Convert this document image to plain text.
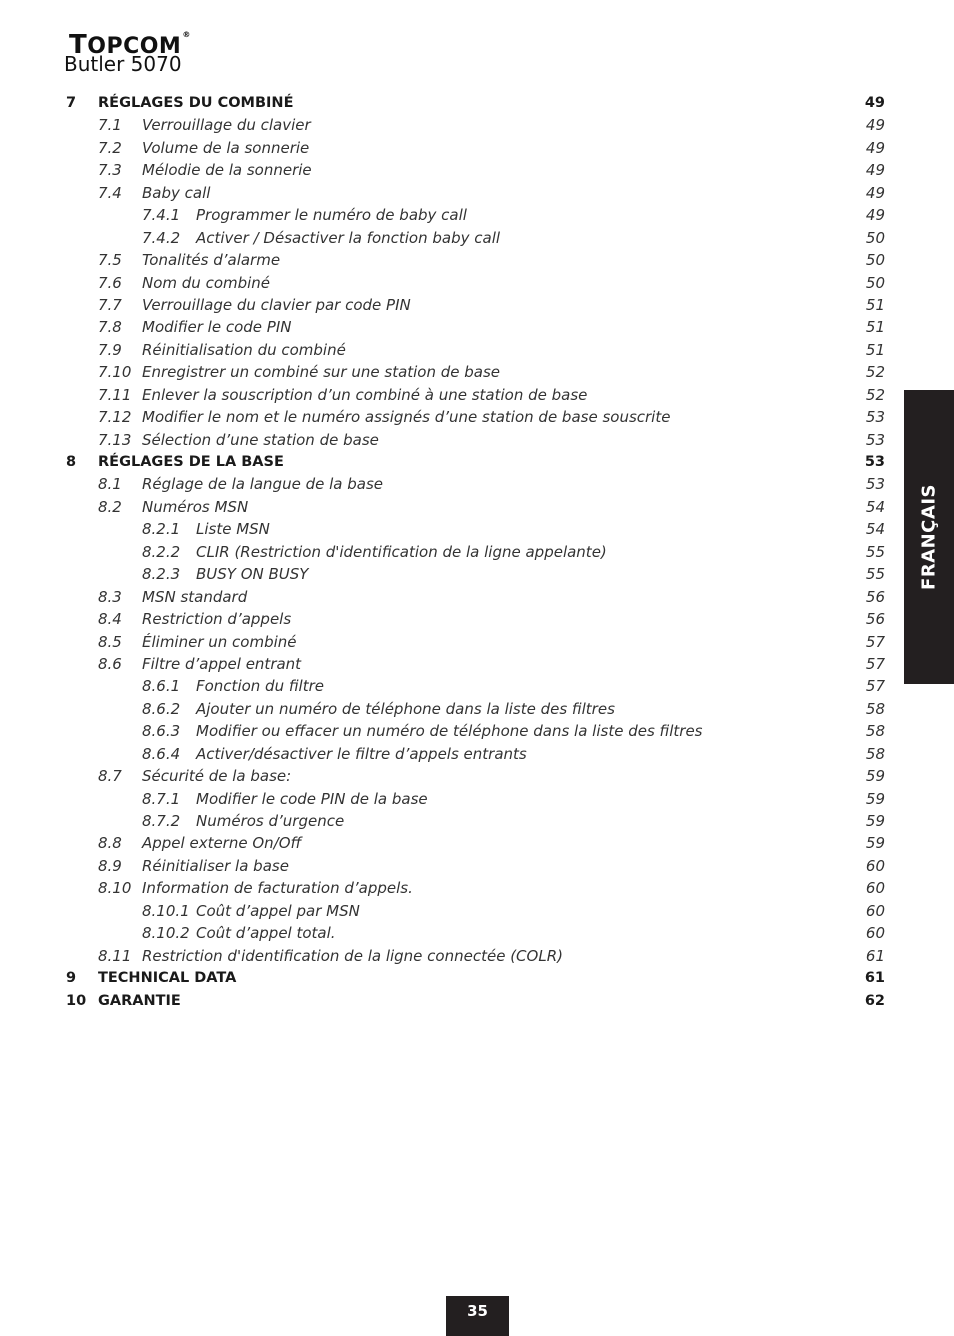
TOPCOM®
Butler 5070
7 RÉGLAGES DU COMBINÉ	49
7.1 Verrouillage du clavier	49
7.2 Volume de la sonnerie	49
7.3 Mélodie de la sonnerie	49
7.4 Baby call	49
7.4.1 Programmer le numéro de baby call	49
7.4.2 Activer / Désactiver la fonction baby call	50
7.5 Tonalités d’alarme	50
7.6 Nom du combiné	50
7.7 Verrouillage du clavier par code PIN	51
7.8 Modifier le code PIN	51
7.9 Réinitialisation du combiné	51
7.10 Enregistrer un combiné sur une station de base	52
7.11 Enlever la souscription d’un combiné à une station de base	52
7.12 Modifier le nom et le numéro assignés d’une station de base souscrite	53
7.13 Sélection d’une station de base	53
8 RÉGLAGES DE LA BASE	53
8.1 Réglage de la langue de la base	53
8.2 Numéros MSN	54
8.2.1 Liste MSN	54
8.2.2 CLIR (Restriction d'identification de la ligne appelante)	55
8.2.3 BUSY ON BUSY	55
8.3 MSN standard	56
8.4 Restriction d’appels	56
8.5 Éliminer un combiné	57
8.6 Filtre d’appel entrant	57
8.6.1 Fonction du filtre	57
8.6.2 Ajouter un numéro de téléphone dans la liste des filtres	58
8.6.3 Modifier ou effacer un numéro de téléphone dans la liste des filtres	58
8.6.4 Activer/désactiver le filtre d’appels entrants	58
8.7 Sécurité de la base:	59
8.7.1 Modifier le code PIN de la base	59
8.7.2 Numéros d’urgence	59
8.8 Appel externe On/Off	59
8.9 Réinitialiser la base	60
8.10 Information de facturation d’appels.	60
8.10.1 Coût d’appel par MSN	60
8.10.2 Coût d’appel total.	60
8.11 Restriction d'identification de la ligne connectée (COLR)	61
9 TECHNICAL DATA	61
10 GARANTIE	62
FRANÇAIS
35
